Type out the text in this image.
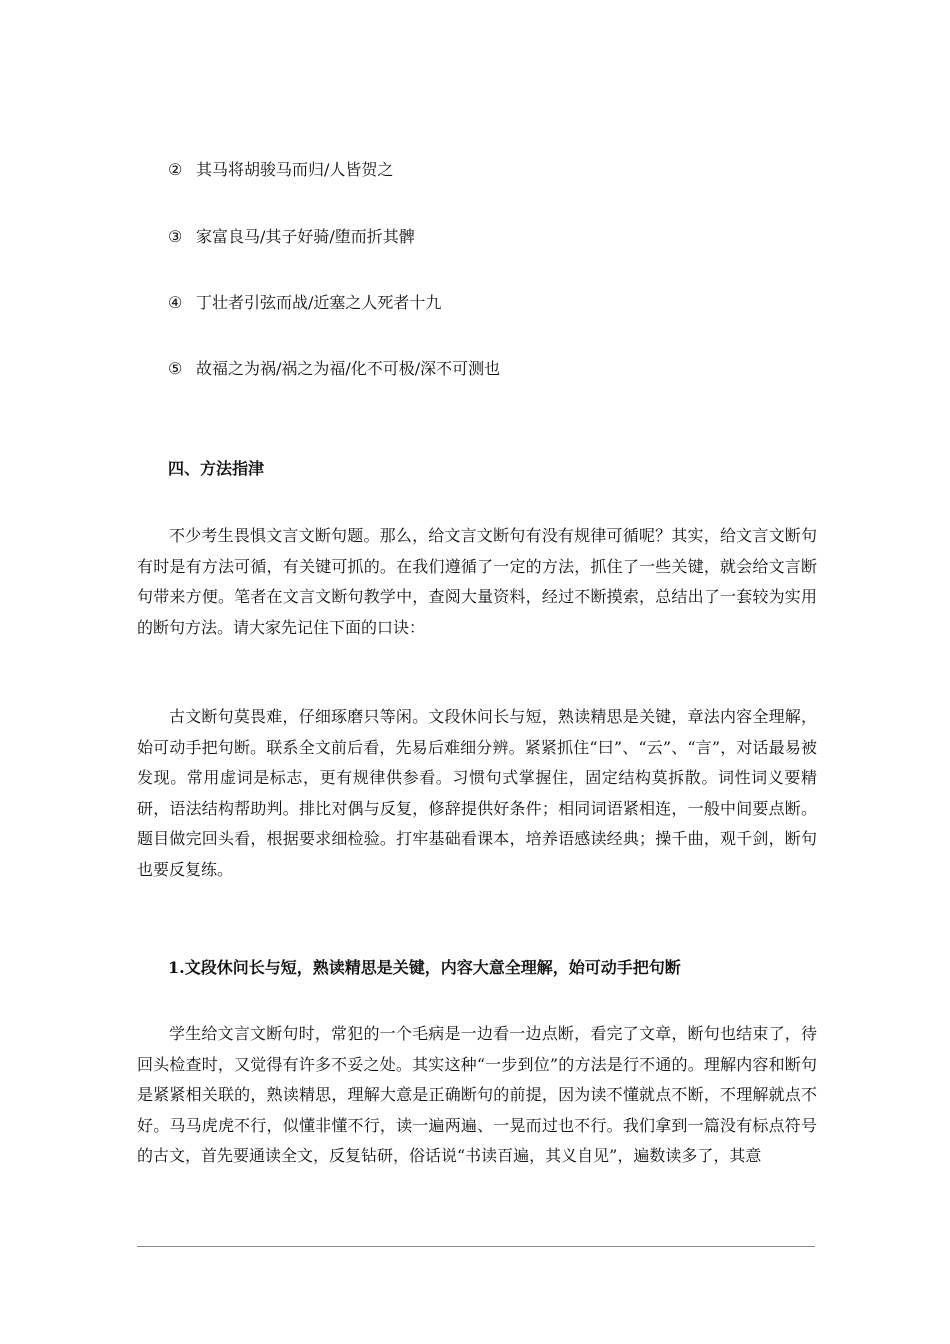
② 其马将胡骏马而归/人皆贺之
③ 家富良马/其子好骑/堕而折其髀
④ 丁壮者引弦而战/近塞之人死者十九
⑤ 故福之为祸/祸之为福/化不可极/深不可测也
四、方法指津

不少考生畏惧文言文断句题。那么，给文言文断句有没有规律可循呢？其实，给文言文断句有时是有方法可循，有关键可抓的。在我们遵循了一定的方法，抓住了一些关键，就会给文言断句带来方便。笔者在文言文断句教学中，查阅大量资料，经过不断摸索，总结出了一套较为实用的断句方法。请大家先记住下面的口诀：

古文断句莫畏难，仔细琢磨只等闲。文段休问长与短，熟读精思是关键，章法内容全理解，始可动手把句断。联系全文前后看，先易后难细分辨。紧紧抓住“曰”、“云”、“言”，对话最易被发现。常用虚词是标志，更有规律供参看。习惯句式掌握住，固定结构莫拆散。词性词义要精研，语法结构帮助判。排比对偶与反复，修辞提供好条件；相同词语紧相连，一般中间要点断。题目做完回头看，根据要求细检验。打牢基础看课本，培养语感读经典；操千曲，观千剑，断句也要反复练。

1.文段休问长与短，熟读精思是关键，内容大意全理解，始可动手把句断

学生给文言文断句时，常犯的一个毛病是一边看一边点断，看完了文章，断句也结束了，待回头检查时，又觉得有许多不妥之处。其实这种“一步到位”的方法是行不通的。理解内容和断句是紧紧相关联的，熟读精思，理解大意是正确断句的前提，因为读不懂就点不断，不理解就点不好。马马虎虎不行，似懂非懂不行，读一遍两遍、一晃而过也不行。我们拿到一篇没有标点符号的古文，首先要通读全文，反复钻研，俗话说“书读百遍，其义自见”，遍数读多了，其意
